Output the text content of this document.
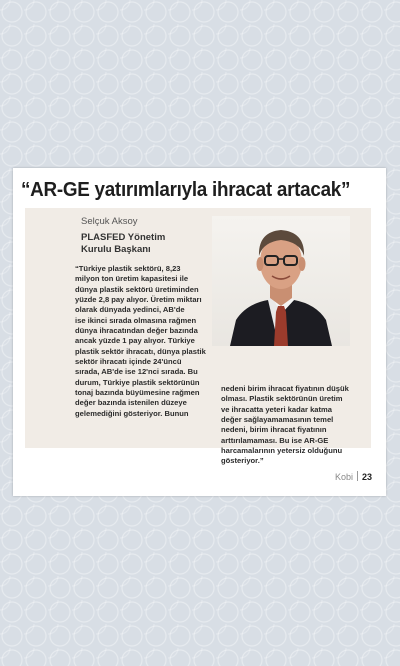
“AR-GE yatırımlarıyla ihracat artacak”
Selçuk Aksoy
PLASFED Yönetim
Kurulu Başkanı

“Türkiye plastik sektörü, 8,23
milyon ton üretim kapasitesi ile
dünya plastik sektörü üretiminden
yüzde 2,8 pay alıyor. Üretim miktarı
olarak dünyada yedinci, AB'de
ise ikinci sırada olmasına rağmen
dünya ihracatından değer bazında
ancak yüzde 1 pay alıyor. Türkiye
plastik sektör ihracatı, dünya plastik
sektör ihracatı içinde 24'üncü
sırada, AB'de ise 12'nci sırada. Bu
durum, Türkiye plastik sektörünün
tonaj bazında büyümesine rağmen
değer bazında istenilen düzeye
gelemediğini gösteriyor. Bunun

nedeni birim ihracat fiyatının düşük
olması. Plastik sektörünün üretim
ve ihracatta yeteri kadar katma
değer sağlayamamasının temel
nedeni, birim ihracat fiyatının
arttırılamaması. Bu ise AR-GE
harcamalarının yetersiz olduğunu
gösteriyor.”

Kobi 23
